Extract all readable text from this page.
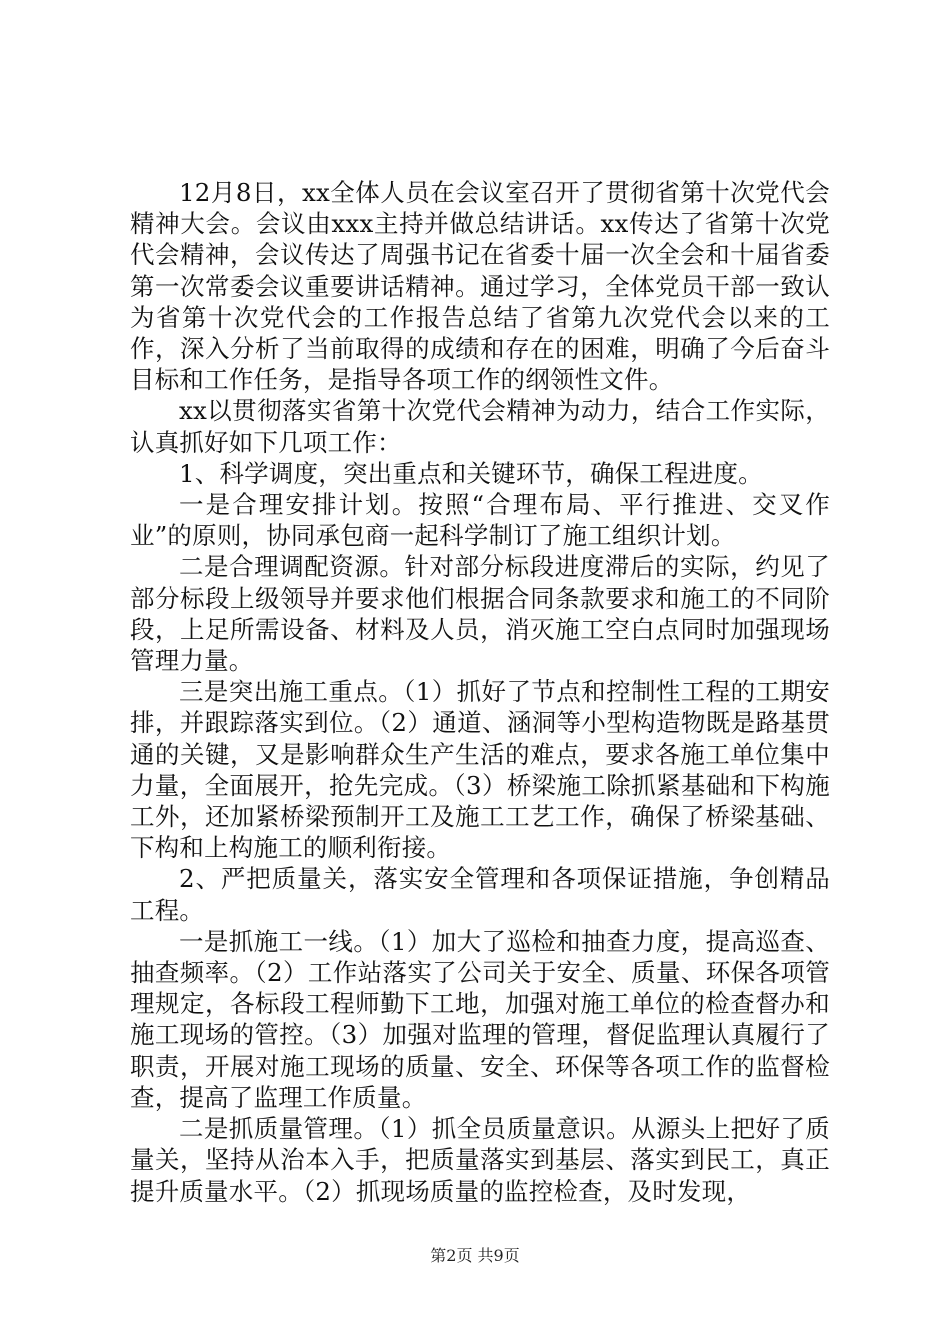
12月8日，xx全体人员在会议室召开了贯彻省第十次党代会精神大会。会议由xxx主持并做总结讲话。xx传达了省第十次党代会精神，会议传达了周强书记在省委十届一次全会和十届省委第一次常委会议重要讲话精神。通过学习，全体党员干部一致认为省第十次党代会的工作报告总结了省第九次党代会以来的工作，深入分析了当前取得的成绩和存在的困难，明确了今后奋斗目标和工作任务，是指导各项工作的纲领性文件。

xx以贯彻落实省第十次党代会精神为动力，结合工作实际，认真抓好如下几项工作：

1、科学调度，突出重点和关键环节，确保工程进度。

一是合理安排计划。按照“合理布局、平行推进、交叉作业”的原则，协同承包商一起科学制订了施工组织计划。

二是合理调配资源。针对部分标段进度滞后的实际，约见了部分标段上级领导并要求他们根据合同条款要求和施工的不同阶段，上足所需设备、材料及人员，消灭施工空白点同时加强现场管理力量。

三是突出施工重点。（1）抓好了节点和控制性工程的工期安排，并跟踪落实到位。（2）通道、涵洞等小型构造物既是路基贯通的关键，又是影响群众生产生活的难点，要求各施工单位集中力量，全面展开，抢先完成。（3）桥梁施工除抓紧基础和下构施工外，还加紧桥梁预制开工及施工工艺工作，确保了桥梁基础、下构和上构施工的顺利衔接。

2、严把质量关，落实安全管理和各项保证措施，争创精品工程。

一是抓施工一线。（1）加大了巡检和抽查力度，提高巡查、抽查频率。（2）工作站落实了公司关于安全、质量、环保各项管理规定，各标段工程师勤下工地，加强对施工单位的检查督办和施工现场的管控。（3）加强对监理的管理，督促监理认真履行了职责，开展对施工现场的质量、安全、环保等各项工作的监督检查，提高了监理工作质量。

二是抓质量管理。（1）抓全员质量意识。从源头上把好了质量关，坚持从治本入手，把质量落实到基层、落实到民工，真正提升质量水平。（2）抓现场质量的监控检查，及时发现，

第2页 共9页
